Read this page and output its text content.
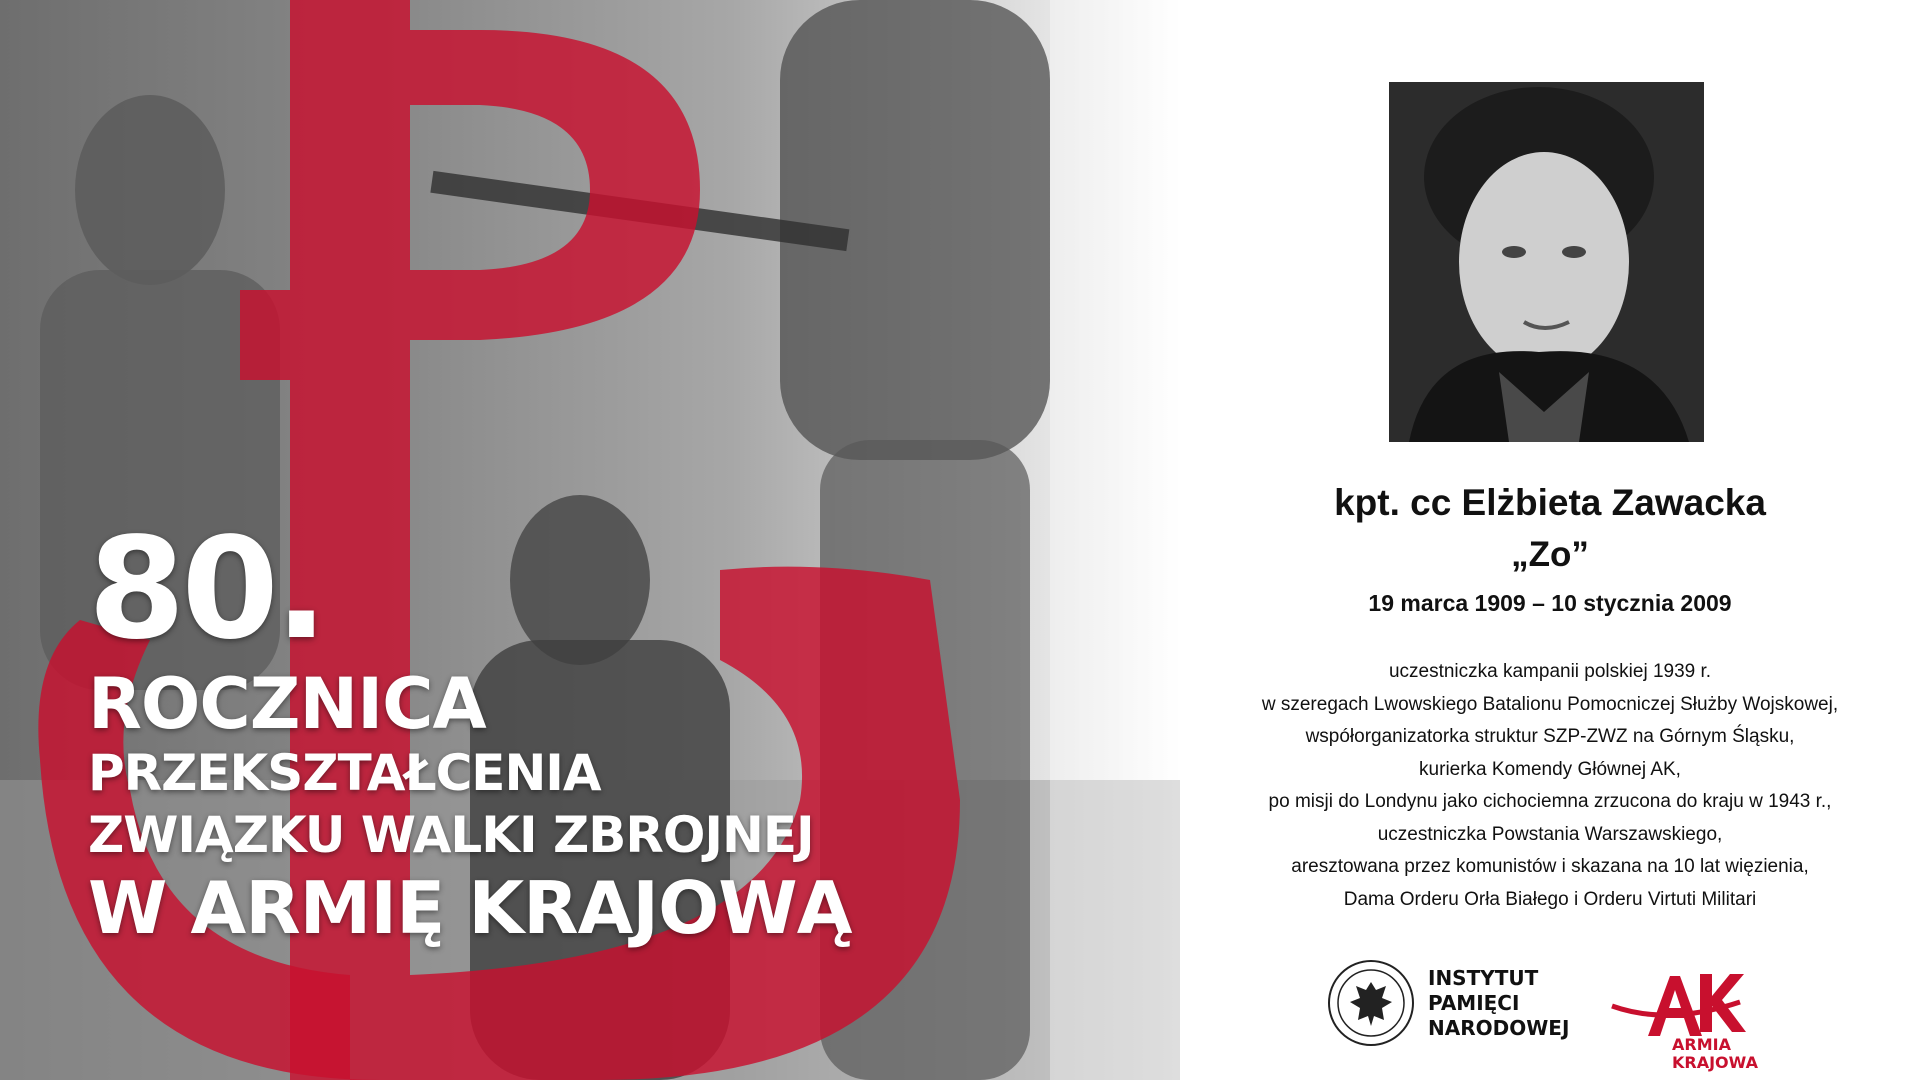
80.
ROCZNICA
PRZEKSZTAŁCENIA
ZWIĄZKU WALKI ZBROJNEJ
W ARMIĘ KRAJOWĄ
kpt. cc Elżbieta Zawacka
„Zo”
19 marca 1909 – 10 stycznia 2009
uczestniczka kampanii polskiej 1939 r.
w szeregach Lwowskiego Batalionu Pomocniczej Służby Wojskowej,
współorganizatorka struktur SZP-ZWZ na Górnym Śląsku,
kurierka Komendy Głównej AK,
po misji do Londynu jako cichociemna zrzucona do kraju w 1943 r.,
uczestniczka Powstania Warszawskiego,
aresztowana przez komunistów i skazana na 10 lat więzienia,
Dama Orderu Orła Białego i Orderu Virtuti Militari
INSTYTUT
PAMIĘCI
NARODOWEJ
ARMIA
KRAJOWA
